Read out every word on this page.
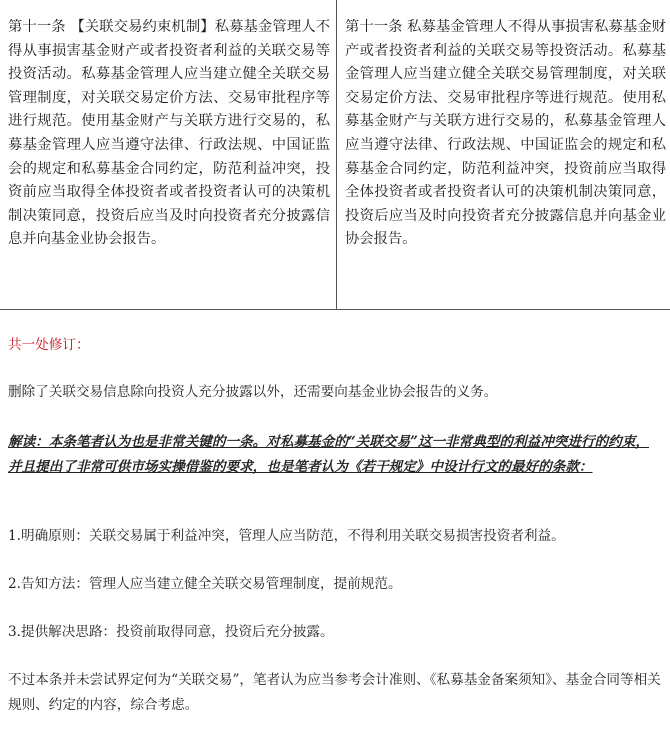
第十一条 【关联交易约束机制】私募基金管理人不得从事损害基金财产或者投资者利益的关联交易等投资活动。私募基金管理人应当建立健全关联交易管理制度，对关联交易定价方法、交易审批程序等进行规范。使用基金财产与关联方进行交易的，私募基金管理人应当遵守法律、行政法规、中国证监会的规定和私募基金合同约定，防范利益冲突，投资前应当取得全体投资者或者投资者认可的决策机制决策同意，投资后应当及时向投资者充分披露信息并向基金业协会报告。
第十一条 私募基金管理人不得从事损害私募基金财产或者投资者利益的关联交易等投资活动。私募基金管理人应当建立健全关联交易管理制度，对关联交易定价方法、交易审批程序等进行规范。使用私募基金财产与关联方进行交易的，私募基金管理人应当遵守法律、行政法规、中国证监会的规定和私募基金合同约定，防范利益冲突，投资前应当取得全体投资者或者投资者认可的决策机制决策同意，投资后应当及时向投资者充分披露信息并向基金业协会报告。
共一处修订：
删除了关联交易信息除向投资人充分披露以外，还需要向基金业协会报告的义务。
解读：本条笔者认为也是非常关键的一条。对私募基金的“关联交易”这一非常典型的利益冲突进行的约束，并且提出了非常可供市场实操借鉴的要求，也是笔者认为《若干规定》中设计行文的最好的条款：
1.明确原则：关联交易属于利益冲突，管理人应当防范，不得利用关联交易损害投资者利益。
2.告知方法：管理人应当建立健全关联交易管理制度，提前规范。
3.提供解决思路：投资前取得同意，投资后充分披露。
不过本条并未尝试界定何为“关联交易”，笔者认为应当参考会计准则、《私募基金备案须知》、基金合同等相关规则、约定的内容，综合考虑。
